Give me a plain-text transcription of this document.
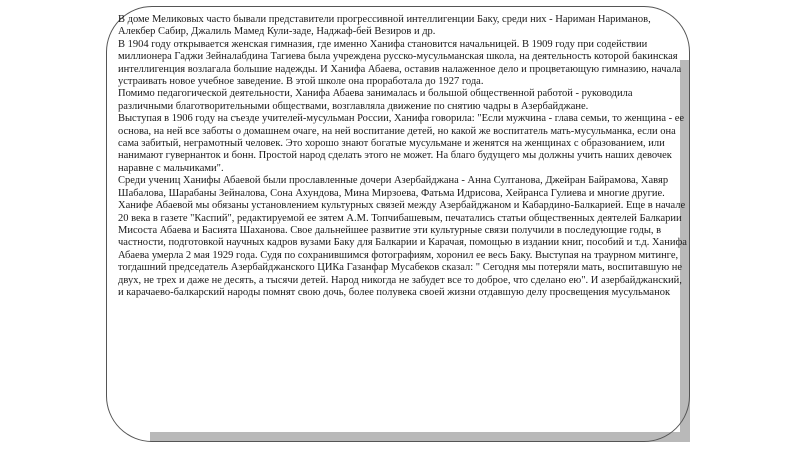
В доме Меликовых часто бывали представители прогрессивной интеллигенции Баку, среди них - Нариман Нариманов, Алекбер Сабир, Джалиль Мамед Кули-заде, Наджаф-бей Везиров и др.

В 1904 году открывается женская гимназия, где именно Ханифа становится начальницей. В 1909 году при содействии миллионера Гаджи Зейналабдина Тагиева была учреждена русско-мусульманская школа, на деятельность которой бакинская интеллигенция возлагала большие надежды. И Ханифа Абаева, оставив налаженное дело и процветающую гимназию, начала устраивать новое учебное заведение. В этой школе она проработала до 1927 года.

Помимо педагогической деятельности, Ханифа Абаева занималась и большой общественной работой - руководила различными благотворительными обществами, возглавляла движение по снятию чадры в Азербайджане.

Выступая в 1906 году на съезде учителей-мусульман России, Ханифа говорила: "Если мужчина - глава семьи, то женщина - ее основа, на ней все заботы о домашнем очаге, на ней воспитание детей, но какой же воспитатель мать-мусульманка, если она сама забитый, неграмотный человек. Это хорошо знают богатые мусульмане и женятся на женщинах с образованием, или нанимают гувернанток и бонн. Простой народ сделать этого не может. На благо будущего мы должны учить наших девочек наравне с мальчиками".

Среди учениц Ханифы Абаевой были прославленные дочери Азербайджана - Анна Султанова, Джейран Байрамова, Хавяр Шабалова, Шарабаны Зейналова, Сона Ахундова, Мина Мирзоева, Фатьма Идрисова, Хейранса Гулиева и многие другие.

Ханифе Абаевой мы обязаны установлением культурных связей между Азербайджаном и Кабардино-Балкарией. Еще в начале 20 века в газете "Каспий", редактируемой ее зятем А.М. Топчибашевым, печатались статьи общественных деятелей Балкарии Мисоста Абаева и Басията Шаханова. Свое дальнейшее развитие эти культурные связи получили в последующие годы, в частности, подготовкой научных кадров вузами Баку для Балкарии и Карачая, помощью в издании книг, пособий и т.д. Ханифа Абаева умерла 2 мая 1929 года. Судя по сохранившимся фотографиям, хоронил ее весь Баку. Выступая на траурном митинге, тогдашний председатель Азербайджанского ЦИКа Газанфар Мусабеков сказал: " Сегодня мы потеряли мать, воспитавшую не двух, не трех и даже не десять, а тысячи детей. Народ никогда не забудет все то доброе, что сделано ею". И азербайджанский, и карачаево-балкарский народы помнят свою дочь, более полувека своей жизни отдавшую делу просвещения мусульманок
